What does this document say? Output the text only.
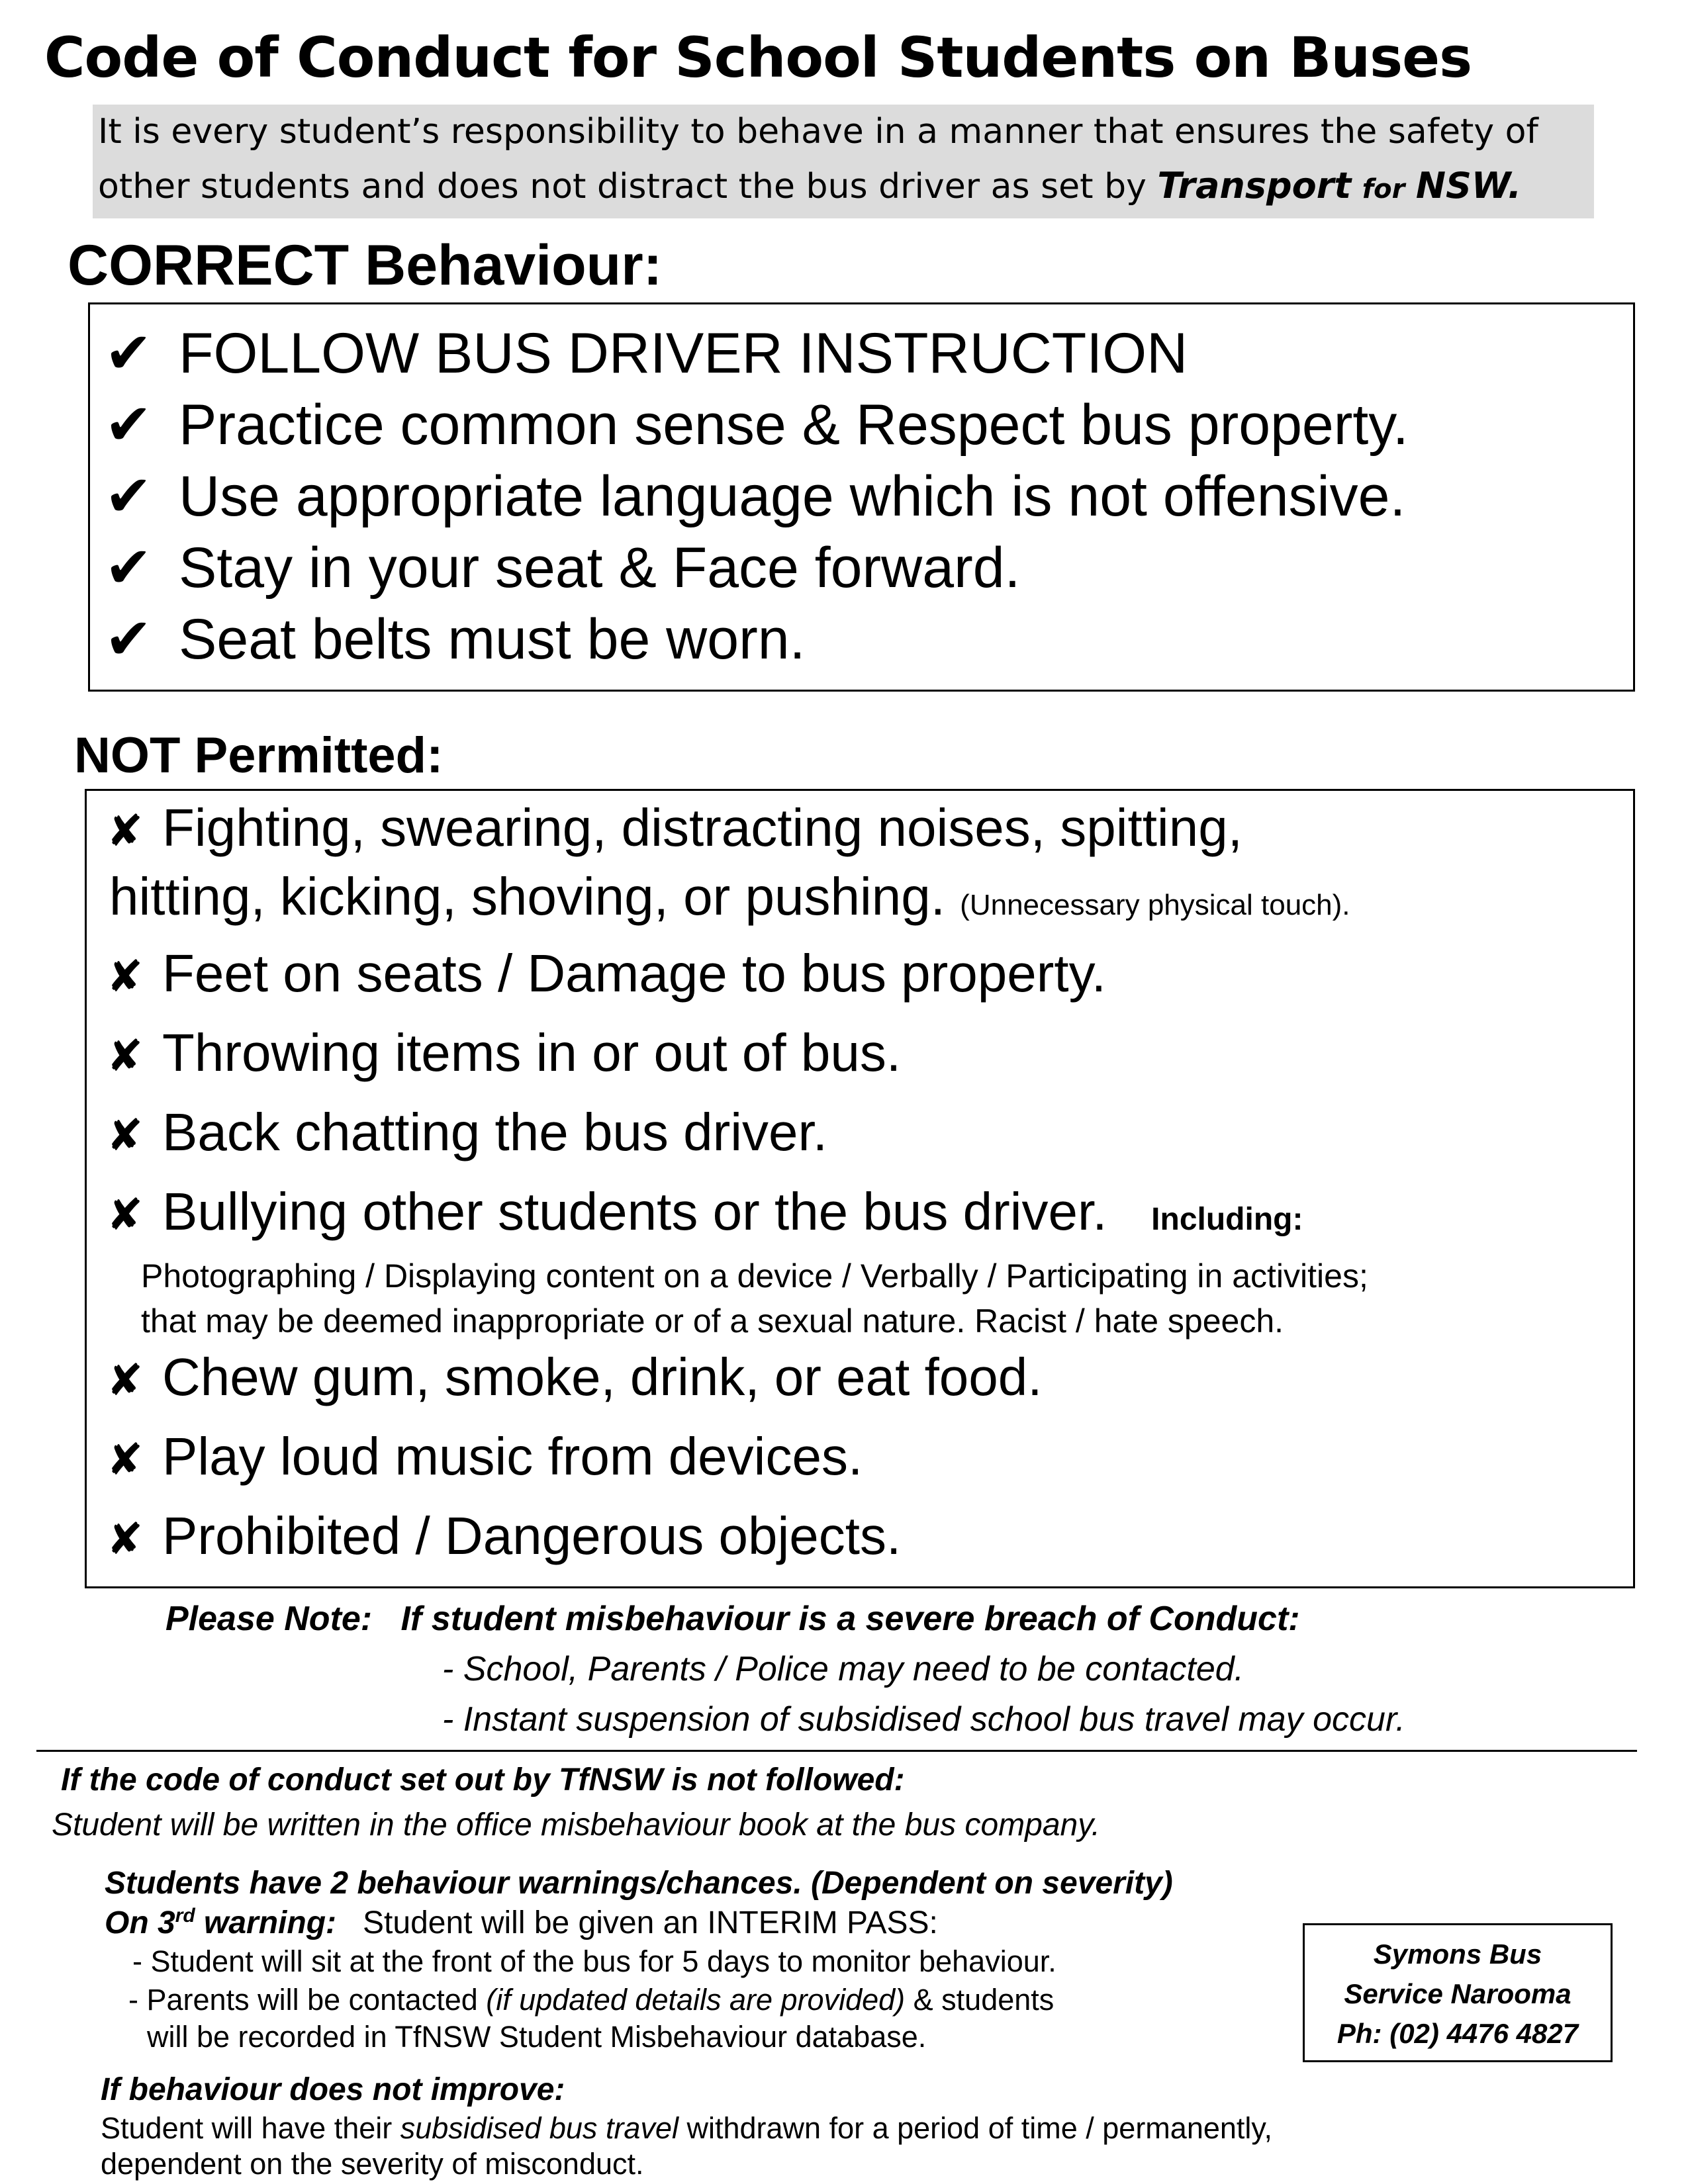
Code of Conduct for School Students on Buses
It is every student’s responsibility to behave in a manner that ensures the safety of
other students and does not distract the bus driver as set by Transport for NSW.
CORRECT Behaviour:
✔ FOLLOW BUS DRIVER INSTRUCTION
✔ Practice common sense & Respect bus property.
✔ Use appropriate language which is not offensive.
✔ Stay in your seat & Face forward.
✔ Seat belts must be worn.
NOT Permitted:
✘ Fighting, swearing, distracting noises, spitting,
hitting, kicking, shoving, or pushing. (Unnecessary physical touch).
✘ Feet on seats / Damage to bus property.
✘ Throwing items in or out of bus.
✘ Back chatting the bus driver.
✘ Bullying other students or the bus driver. Including:
Photographing / Displaying content on a device / Verbally / Participating in activities;
that may be deemed inappropriate or of a sexual nature. Racist / hate speech.
✘ Chew gum, smoke, drink, or eat food.
✘ Play loud music from devices.
✘ Prohibited / Dangerous objects.
Please Note: If student misbehaviour is a severe breach of Conduct:
- School, Parents / Police may need to be contacted.
- Instant suspension of subsidised school bus travel may occur.
If the code of conduct set out by TfNSW is not followed:
Student will be written in the office misbehaviour book at the bus company.
Students have 2 behaviour warnings/chances. (Dependent on severity)
On 3rd warning: Student will be given an INTERIM PASS:
- Student will sit at the front of the bus for 5 days to monitor behaviour.
- Parents will be contacted (if updated details are provided) & students
will be recorded in TfNSW Student Misbehaviour database.
If behaviour does not improve:
Student will have their subsidised bus travel withdrawn for a period of time / permanently,
dependent on the severity of misconduct.
Symons Bus
Service Narooma
Ph: (02) 4476 4827
